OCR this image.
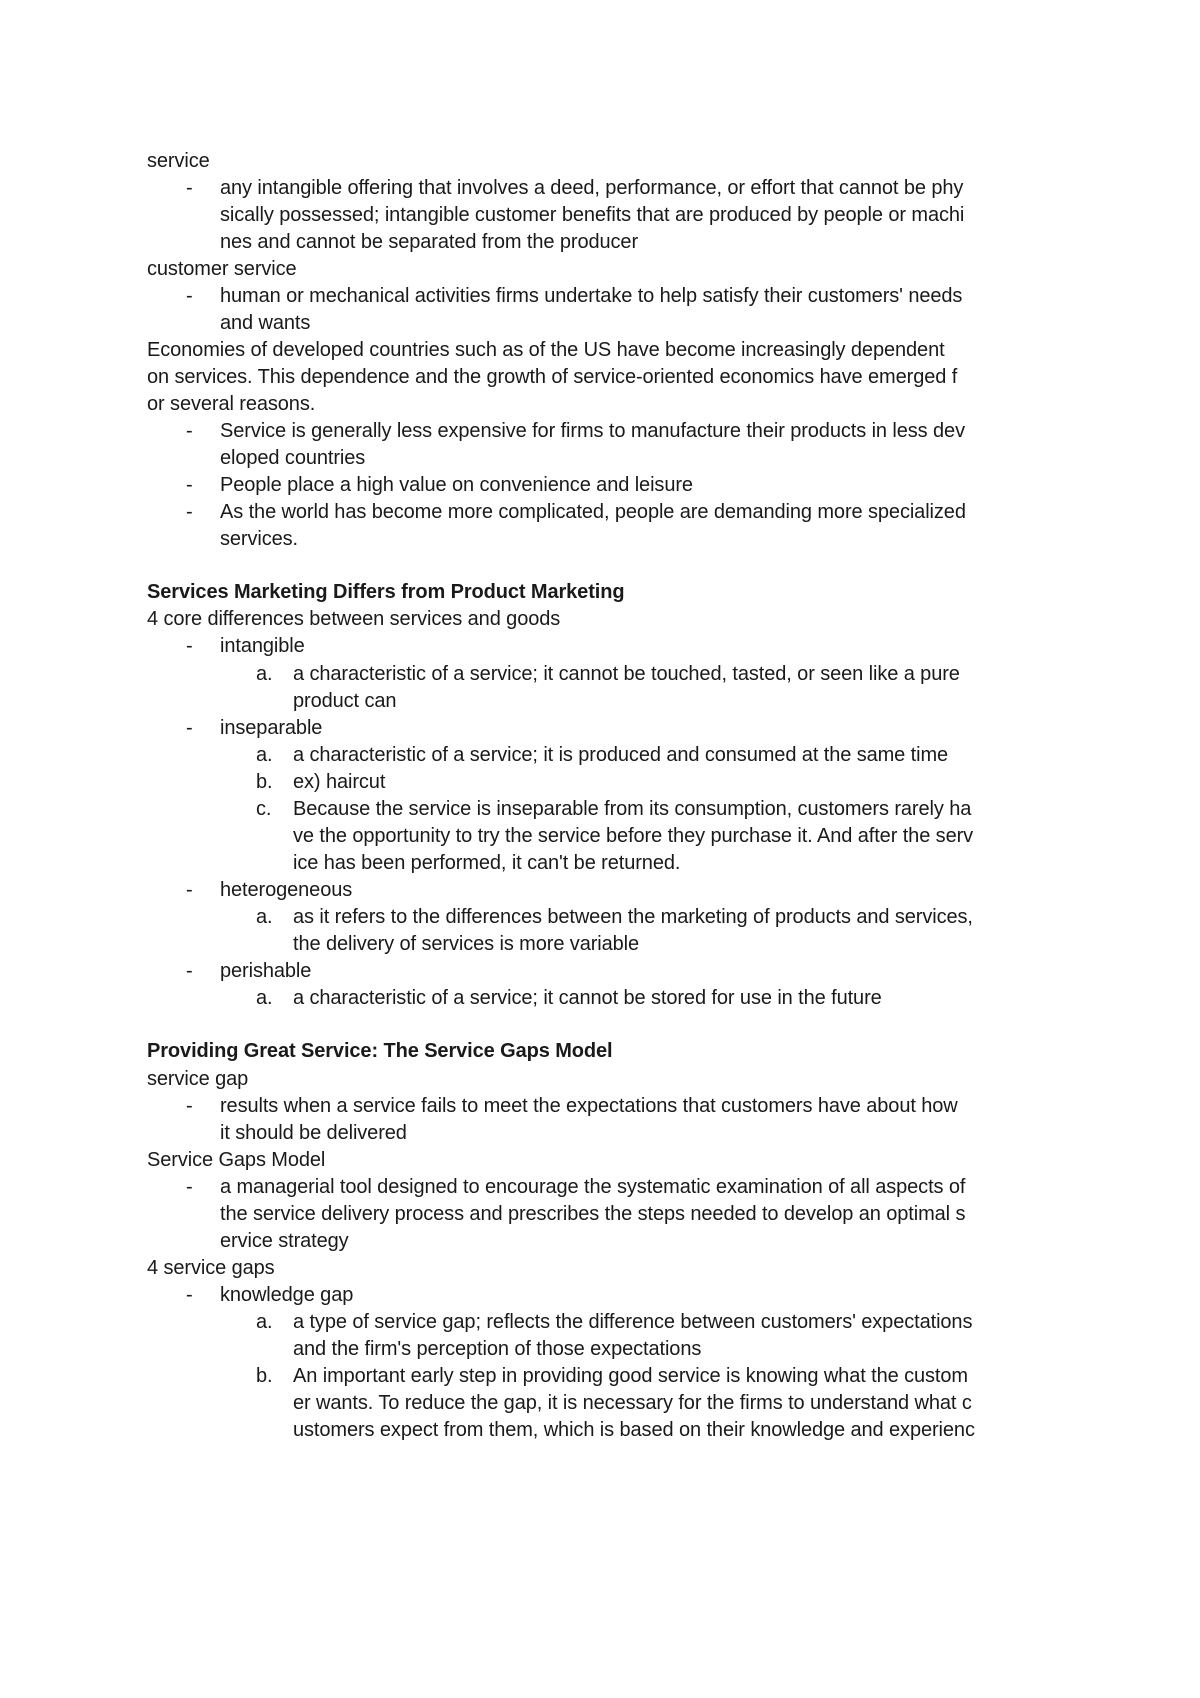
service
- any intangible offering that involves a deed, performance, or effort that cannot be phy
sically possessed; intangible customer benefits that are produced by people or machi
nes and cannot be separated from the producer
customer service
- human or mechanical activities firms undertake to help satisfy their customers' needs
and wants
Economies of developed countries such as of the US have become increasingly dependent
on services. This dependence and the growth of service-oriented economics have emerged f
or several reasons.
- Service is generally less expensive for firms to manufacture their products in less dev
eloped countries
- People place a high value on convenience and leisure
- As the world has become more complicated, people are demanding more specialized
services.
Services Marketing Differs from Product Marketing
4 core differences between services and goods
- intangible
a. a characteristic of a service; it cannot be touched, tasted, or seen like a pure
product can
- inseparable
a. a characteristic of a service; it is produced and consumed at the same time
b. ex) haircut
c. Because the service is inseparable from its consumption, customers rarely ha
ve the opportunity to try the service before they purchase it. And after the serv
ice has been performed, it can't be returned.
- heterogeneous
a. as it refers to the differences between the marketing of products and services,
the delivery of services is more variable
- perishable
a. a characteristic of a service; it cannot be stored for use in the future
Providing Great Service: The Service Gaps Model
service gap
- results when a service fails to meet the expectations that customers have about how
it should be delivered
Service Gaps Model
- a managerial tool designed to encourage the systematic examination of all aspects of
the service delivery process and prescribes the steps needed to develop an optimal s
ervice strategy
4 service gaps
- knowledge gap
a. a type of service gap; reflects the difference between customers' expectations
and the firm's perception of those expectations
b. An important early step in providing good service is knowing what the custom
er wants. To reduce the gap, it is necessary for the firms to understand what c
ustomers expect from them, which is based on their knowledge and experienc
